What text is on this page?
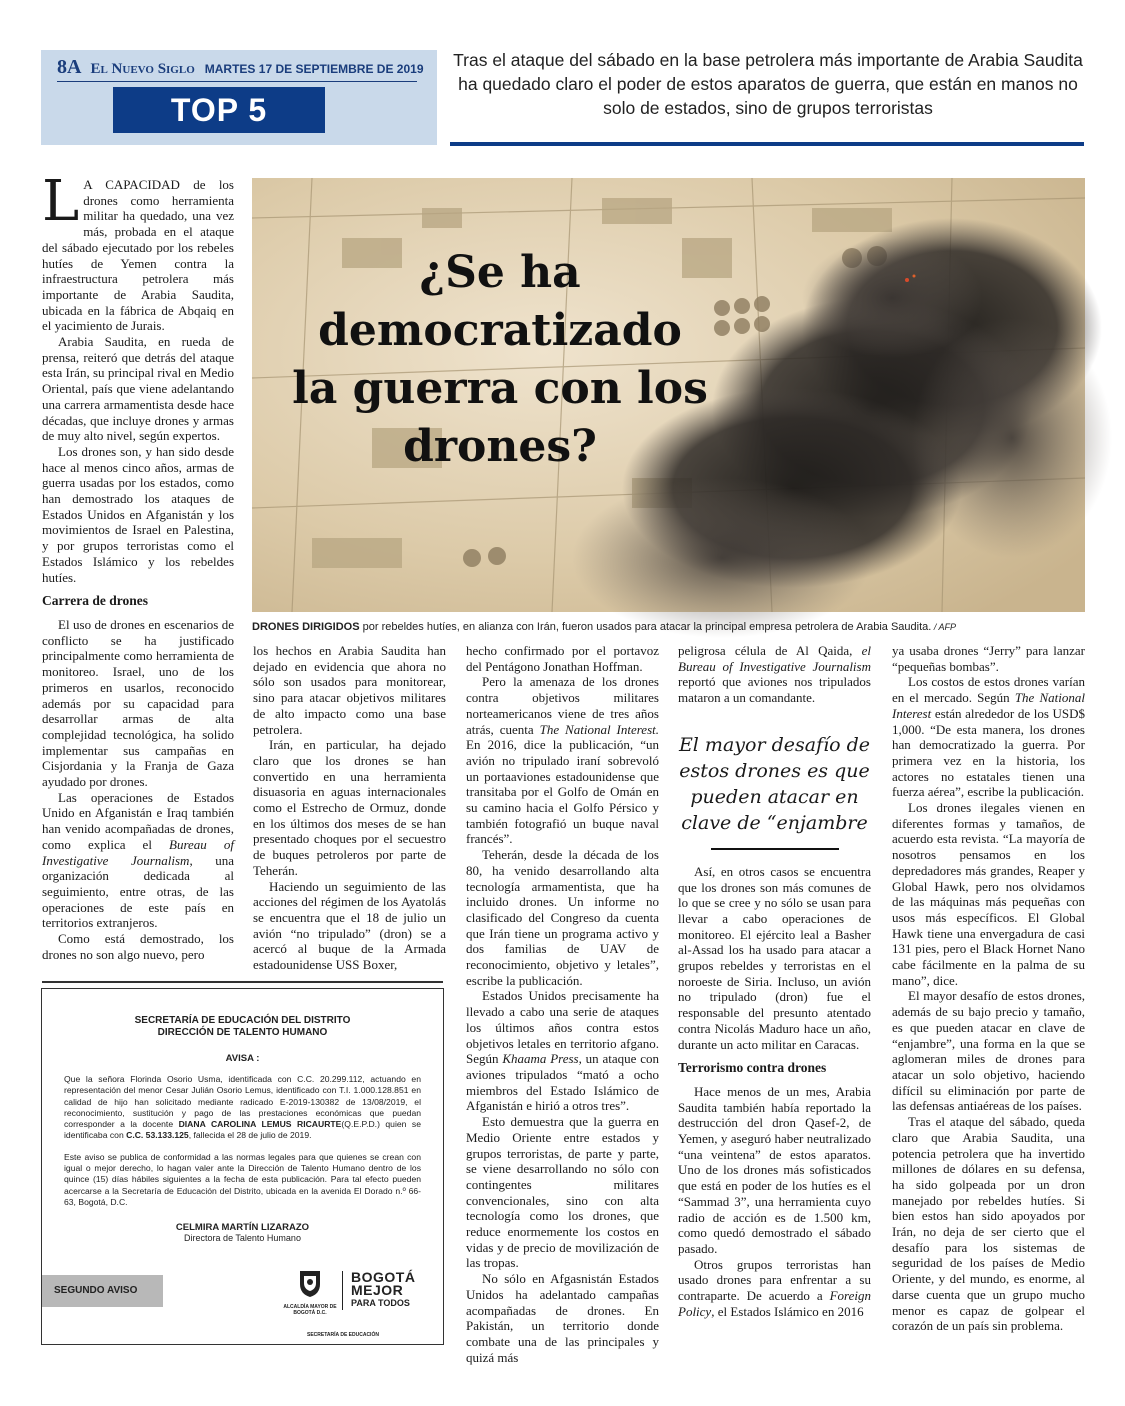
8A El Nuevo Siglo MARTES 17 DE SEPTIEMBRE DE 2019
TOP 5
Tras el ataque del sábado en la base petrolera más importante de Arabia Saudita ha quedado claro el poder de estos aparatos de guerra, que están en manos no solo de estados, sino de grupos terroristas
¿Se ha democratizado la guerra con los drones?
DRONES DIRIGIDOS por rebeldes hutíes, en alianza con Irán, fueron usados para atacar la principal empresa petrolera de Arabia Saudita. / AFP

L A CAPACIDAD de los drones como herramienta militar ha quedado, una vez más, probada en el ataque del sábado ejecutado por los rebeles hutíes de Yemen contra la infraestructura petrolera más importante de Arabia Saudita, ubicada en la fábrica de Abqaiq en el yacimiento de Jurais.

Arabia Saudita, en rueda de prensa, reiteró que detrás del ataque esta Irán, su principal rival en Medio Oriental, país que viene adelantando una carrera armamentista desde hace décadas, que incluye drones y armas de muy alto nivel, según expertos.

Los drones son, y han sido desde hace al menos cinco años, armas de guerra usadas por los estados, como han demostrado los ataques de Estados Unidos en Afganistán y los movimientos de Israel en Palestina, y por grupos terroristas como el Estados Islámico y los rebeldes hutíes.

Carrera de drones

El uso de drones en escenarios de conflicto se ha justificado principalmente como herramienta de monitoreo. Israel, uno de los primeros en usarlos, reconocido además por su capacidad para desarrollar armas de alta complejidad tecnológica, ha solido implementar sus campañas en Cisjordania y la Franja de Gaza ayudado por drones.

Las operaciones de Estados Unido en Afganistán e Iraq también han venido acompañadas de drones, como explica el Bureau of Investigative Journalism, una organización dedicada al seguimiento, entre otras, de las operaciones de este país en territorios extranjeros.

Como está demostrado, los drones no son algo nuevo, pero

los hechos en Arabia Saudita han dejado en evidencia que ahora no sólo son usados para monitorear, sino para atacar objetivos militares de alto impacto como una base petrolera.

Irán, en particular, ha dejado claro que los drones se han convertido en una herramienta disuasoria en aguas internacionales como el Estrecho de Ormuz, donde en los últimos dos meses de se han presentado choques por el secuestro de buques petroleros por parte de Teherán.

Haciendo un seguimiento de las acciones del régimen de los Ayatolás se encuentra que el 18 de julio un avión “no tripulado” (dron) se a acercó al buque de la Armada estadounidense USS Boxer,

hecho confirmado por el portavoz del Pentágono Jonathan Hoffman.

Pero la amenaza de los drones contra objetivos militares norteamericanos viene de tres años atrás, cuenta The National Interest. En 2016, dice la publicación, “un avión no tripulado iraní sobrevoló un portaaviones estadounidense que transitaba por el Golfo de Omán en su camino hacia el Golfo Pérsico y también fotografió un buque naval francés”.

Teherán, desde la década de los 80, ha venido desarrollando alta tecnología armamentista, que ha incluido drones. Un informe no clasificado del Congreso da cuenta que Irán tiene un programa activo y dos familias de UAV de reconocimiento, objetivo y letales”, escribe la publicación.

Estados Unidos precisamente ha llevado a cabo una serie de ataques los últimos años contra estos objetivos letales en territorio afgano. Según Khaama Press, un ataque con aviones tripulados “mató a ocho miembros del Estado Islámico de Afganistán e hirió a otros tres”.

Esto demuestra que la guerra en Medio Oriente entre estados y grupos terroristas, de parte y parte, se viene desarrollando no sólo con contingentes militares convencionales, sino con alta tecnología como los drones, que reduce enormemente los costos en vidas y de precio de movilización de las tropas.

No sólo en Afgasnistán Estados Unidos ha adelantado campañas acompañadas de drones. En Pakistán, un territorio donde combate una de las principales y quizá más

peligrosa célula de Al Qaida, el Bureau of Investigative Journalism reportó que aviones nos tripulados mataron a un comandante.

El mayor desafío de estos drones es que pueden atacar en clave de “enjambre

Así, en otros casos se encuentra que los drones son más comunes de lo que se cree y no sólo se usan para llevar a cabo operaciones de monitoreo. El ejército leal a Basher al-Assad los ha usado para atacar a grupos rebeldes y terroristas en el noroeste de Siria. Incluso, un avión no tripulado (dron) fue el responsable del presunto atentado contra Nicolás Maduro hace un año, durante un acto militar en Caracas.

Terrorismo contra drones

Hace menos de un mes, Arabia Saudita también había reportado la destrucción del dron Qasef-2, de Yemen, y aseguró haber neutralizado “una veintena” de estos aparatos. Uno de los drones más sofisticados que está en poder de los hutíes es el “Sammad 3”, una herramienta cuyo radio de acción es de 1.500 km, como quedó demostrado el sábado pasado.

Otros grupos terroristas han usado drones para enfrentar a su contraparte. De acuerdo a Foreign Policy, el Estados Islámico en 2016

ya usaba drones “Jerry” para lanzar “pequeñas bombas”.

Los costos de estos drones varían en el mercado. Según The National Interest están alrededor de los USD$ 1,000. “De esta manera, los drones han democratizado la guerra. Por primera vez en la historia, los actores no estatales tienen una fuerza aérea”, escribe la publicación.

Los drones ilegales vienen en diferentes formas y tamaños, de acuerdo esta revista. “La mayoría de nosotros pensamos en los depredadores más grandes, Reaper y Global Hawk, pero nos olvidamos de las máquinas más pequeñas con usos más específicos. El Global Hawk tiene una envergadura de casi 131 pies, pero el Black Hornet Nano cabe fácilmente en la palma de su mano”, dice.

El mayor desafío de estos drones, además de su bajo precio y tamaño, es que pueden atacar en clave de “enjambre”, una forma en la que se aglomeran miles de drones para atacar un solo objetivo, haciendo difícil su eliminación por parte de las defensas antiaéreas de los países.

Tras el ataque del sábado, queda claro que Arabia Saudita, una potencia petrolera que ha invertido millones de dólares en su defensa, ha sido golpeada por un dron manejado por rebeldes hutíes. Si bien estos han sido apoyados por Irán, no deja de ser cierto que el desafío para los sistemas de seguridad de los países de Medio Oriente, y del mundo, es enorme, al darse cuenta que un grupo mucho menor es capaz de golpear el corazón de un país sin problema.

SECRETARÍA DE EDUCACIÓN DEL DISTRITO
DIRECCIÓN DE TALENTO HUMANO
AVISA :
Que la señora Florinda Osorio Usma, identificada con C.C. 20.299.112, actuando en representación del menor Cesar Julián Osorio Lemus, identificado con T.I. 1.000.128.851 en calidad de hijo han solicitado mediante radicado E-2019-130382 de 13/08/2019, el reconocimiento, sustitución y pago de las prestaciones económicas que puedan corresponder a la docente DIANA CAROLINA LEMUS RICAURTE(Q.E.P.D.) quien se identificaba con C.C. 53.133.125, fallecida el 28 de julio de 2019.
Este aviso se publica de conformidad a las normas legales para que quienes se crean con igual o mejor derecho, lo hagan valer ante la Dirección de Talento Humano dentro de los quince (15) días hábiles siguientes a la fecha de esta publicación. Para tal efecto pueden acercarse a la Secretaría de Educación del Distrito, ubicada en la avenida El Dorado n.º 66-63, Bogotá, D.C.
CELMIRA MARTÍN LIZARAZO
Directora de Talento Humano
SEGUNDO AVISO
ALCALDÍA MAYOR DE BOGOTÁ D.C.
BOGOTÁ
MEJOR
PARA TODOS
SECRETARÍA DE EDUCACIÓN
